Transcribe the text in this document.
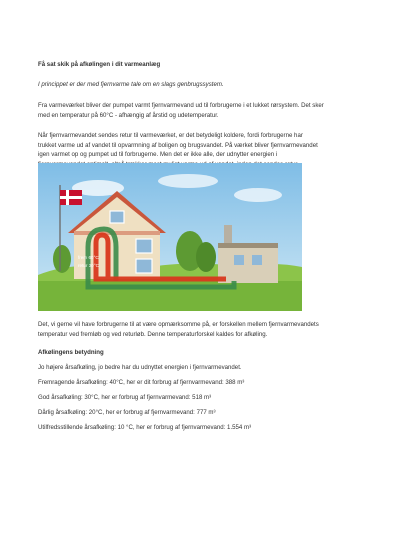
Få sat skik på afkølingen i dit varmeanlæg

I princippet er der med fjernvarme tale om en slags genbrugssystem.

Fra varmeværket bliver der pumpet varmt fjernvarmevand ud til forbrugerne i et lukket rørsystem. Det sker

med en temperatur på 60°C - afhængig af årstid og udetemperatur.

Når fjernvarmevandet sendes retur til varmeværket, er det betydeligt koldere, fordi forbrugerne har

trukket varme ud af vandet til opvarmning af boligen og brugsvandet. På værket bliver fjernvarmevandet

igen varmet op og pumpet ud til forbrugerne. Men det er ikke alle, der udnytter energien i

frem 60°C
retur 30°C

Det, vi gerne vil have forbrugerne til at være opmærksomme på, er forskellen mellem fjernvarmevandets

temperatur ved fremløb og ved returløb. Denne temperaturforskel kaldes for afkøling.

Afkølingens betydning

Jo højere årsafkøling, jo bedre har du udnyttet energien i fjernvarmevandet.

Fremragende årsafkøling: 40°C, her er dit forbrug af fjernvarmevand: 388 m³

God årsafkøling: 30°C, her er forbrug af fjernvarmevand: 518 m³

Dårlig årsafkøling: 20°C, her er forbrug af fjernvarmevand: 777 m³

Utilfredsstillende årsafkøling: 10 °C, her er forbrug af fjernvarmevand: 1.554 m³
